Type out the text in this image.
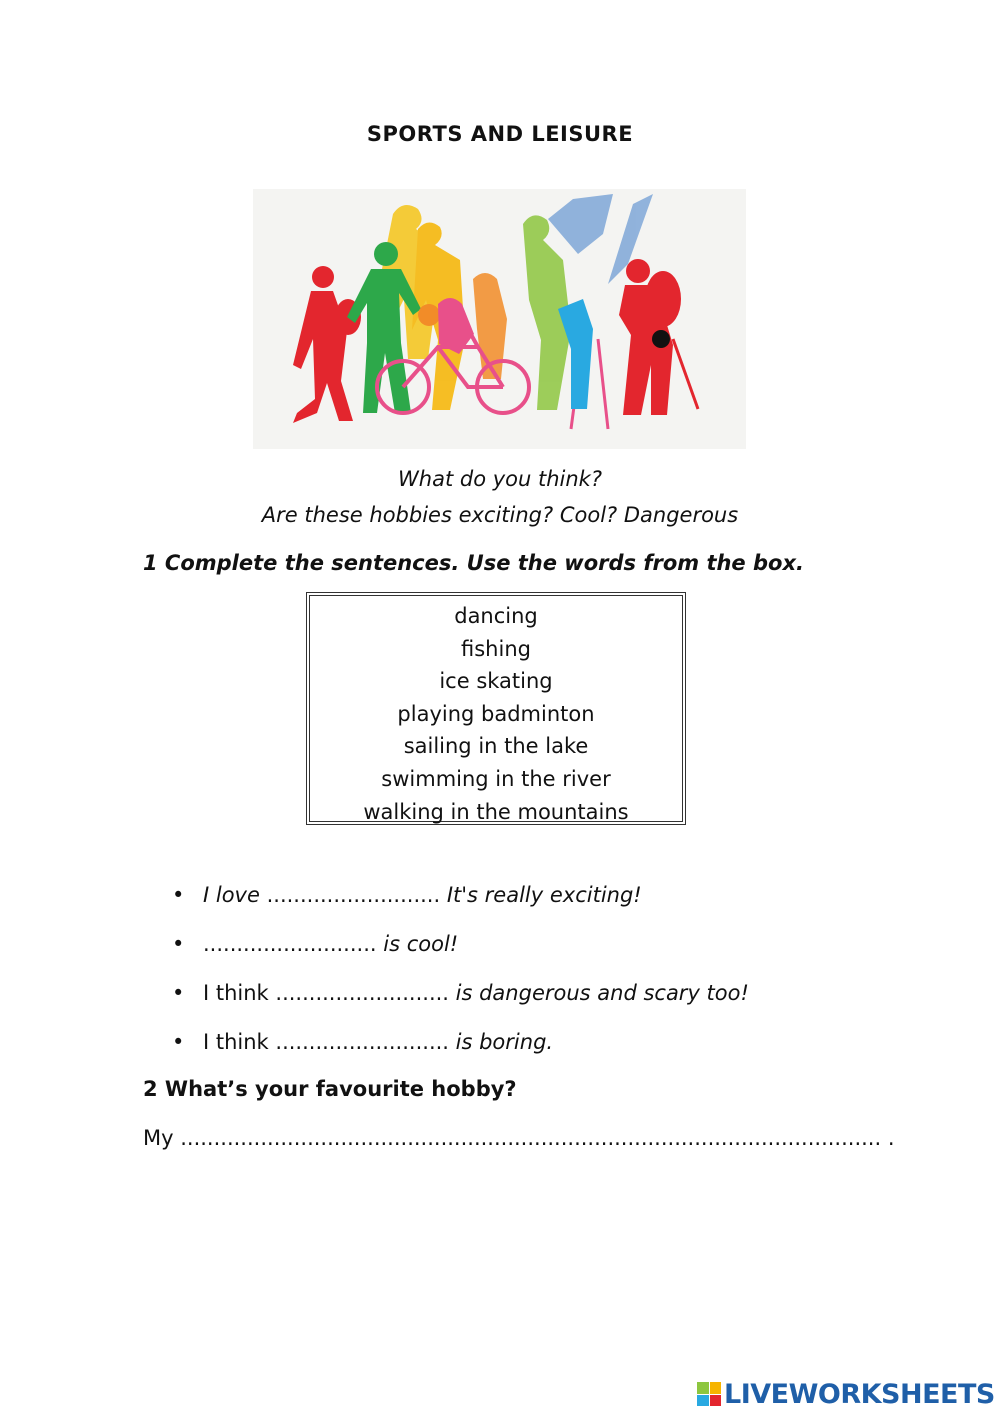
SPORTS AND LEISURE
What do you think?
Are these hobbies exciting? Cool? Dangerous
1 Complete the sentences. Use the words from the box.
dancing
fishing
ice skating
playing badminton
sailing in the lake
swimming in the river
walking in the mountains
• I love .......................... It's really exciting!
• .......................... is cool!
• I think .......................... is dangerous and scary too!
• I think .......................... is boring.
2 What’s your favourite hobby?
My ......................................................................................................... .
LIVEWORKSHEETS
